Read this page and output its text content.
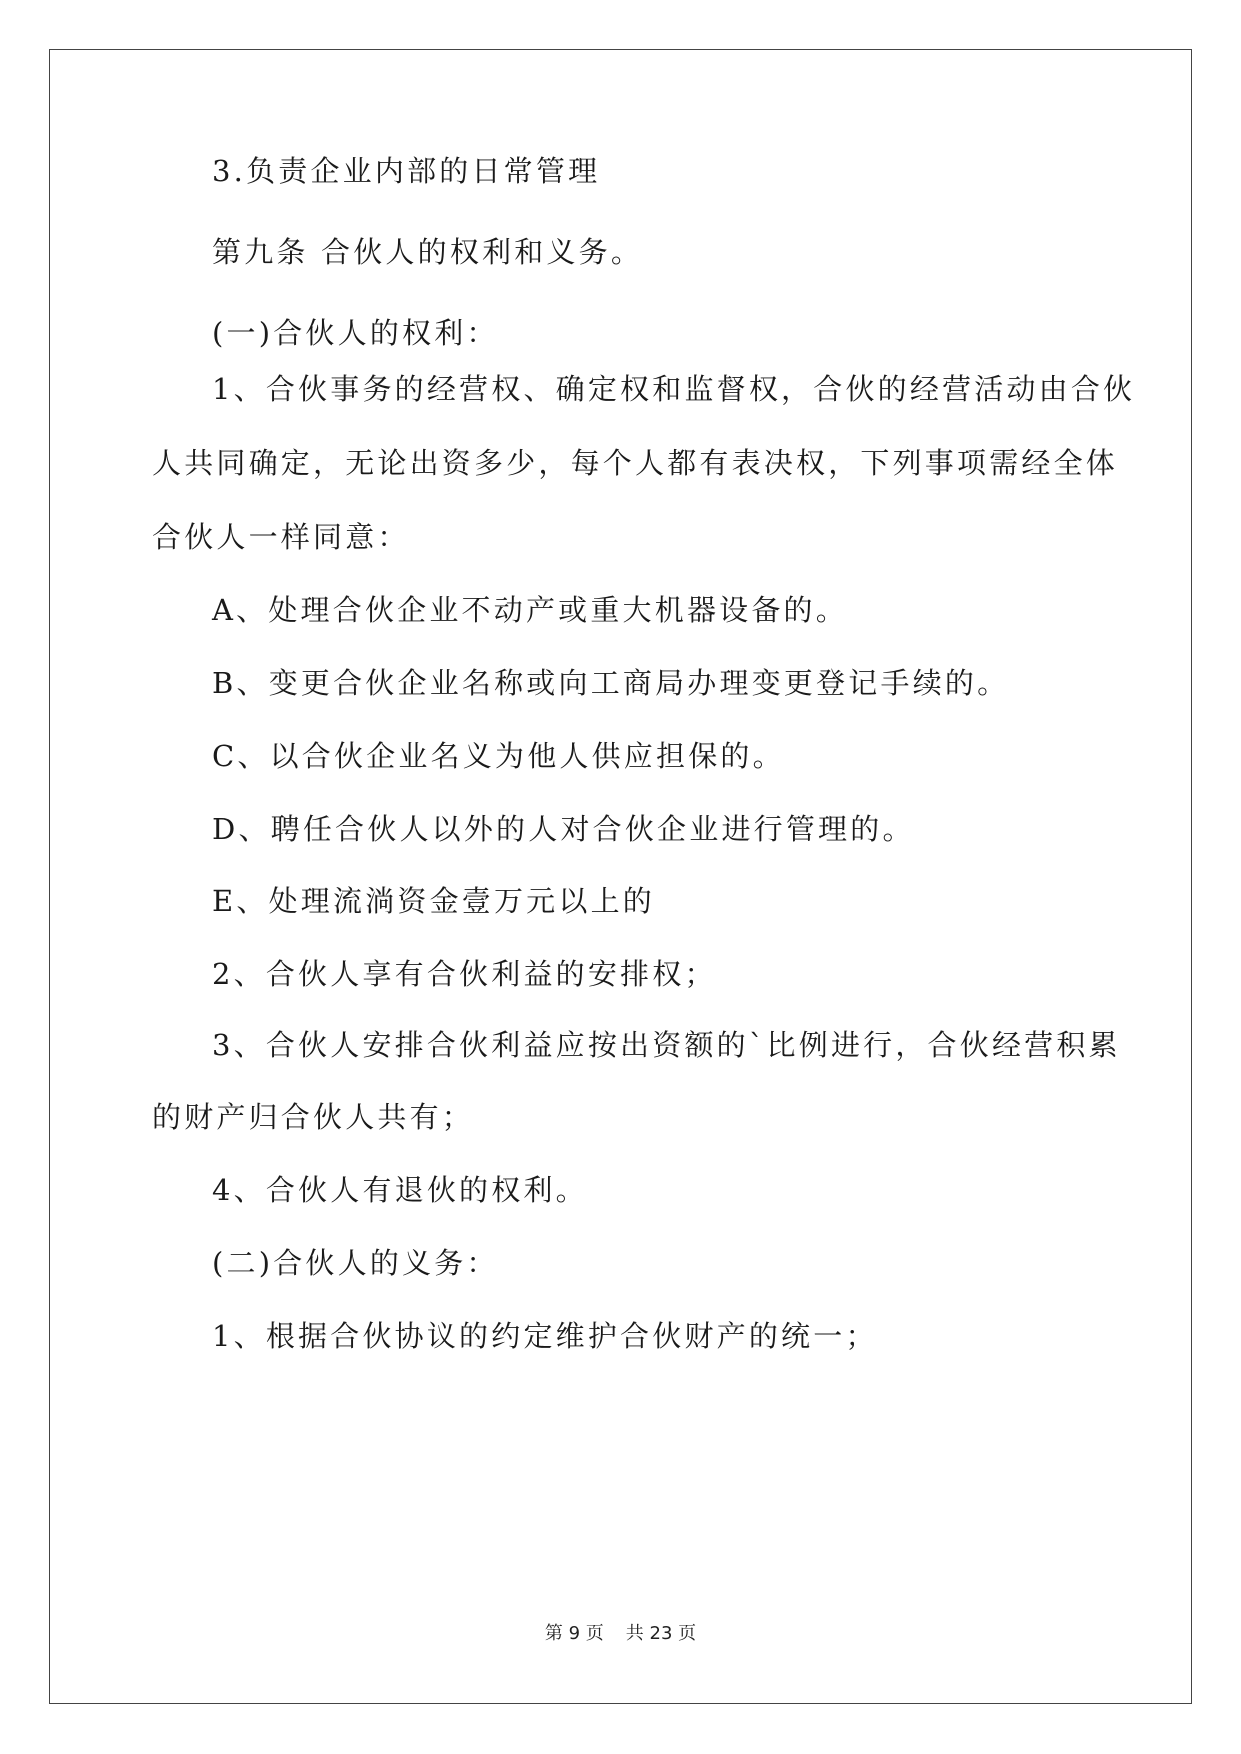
3.负责企业内部的日常管理

第九条 合伙人的权利和义务。

(一)合伙人的权利：

1、合伙事务的经营权、确定权和监督权，合伙的经营活动由合伙

人共同确定，无论出资多少，每个人都有表决权，下列事项需经全体

合伙人一样同意：

A、处理合伙企业不动产或重大机器设备的。

B、变更合伙企业名称或向工商局办理变更登记手续的。

C、以合伙企业名义为他人供应担保的。

D、聘任合伙人以外的人对合伙企业进行管理的。

E、处理流淌资金壹万元以上的

2、合伙人享有合伙利益的安排权；

3、合伙人安排合伙利益应按出资额的`比例进行，合伙经营积累

的财产归合伙人共有；

4、合伙人有退伙的权利。

(二)合伙人的义务：

1、根据合伙协议的约定维护合伙财产的统一；

第 9 页 共 23 页
